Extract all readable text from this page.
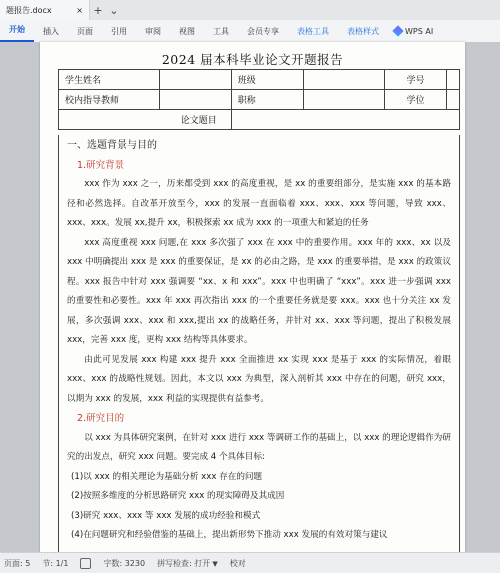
题报告.docx	× + ⌄
开始	插入	页面	引用	审阅	视图	工具	会员专享	表格工具	表格样式	WPS AI
2024 届本科毕业论文开题报告
学生姓名		班级		学号	
校内指导教师		职称		学位	
论文题目					
一、选题背景与目的
1.研究背景

xxx 作为 xxx 之一，历来都受到 xxx 的高度重视，是 xx 的重要组部分，是实施 xxx 的基本路径和必然选择。自改革开放至今，xxx 的发展一直面临着 xxx、xxx、xxx 等问题，导致 xxx、xxx、xxx。发展 xx,提升 xx，积极探索 xx 成为 xxx 的一项重大和紧迫的任务

xxx 高度重视 xxx 问题,在 xxx 多次强了 xxx 在 xxx 中的重要作用。xxx 年的 xxx、xx 以及 xxx 中明确提出 xxx 是 xxx 的重要保证，是 xx 的必由之路，是 xxx 的重要举措，是 xxx 的政策议程。xxx 报告中针对 xxx 强调要 “xx、x 和 xxx”。xxx 中也明确了 “xxx”。xxx 进一步强调 xxx 的重要性和必要性。xxx 年 xxx 再次指出 xxx 的一个重要任务就是要 xxx。xxx 也十分关注 xx 发展，多次强调 xxx、xxx 和 xxx,提出 xx 的战略任务，并针对 xx、xxx 等问题，提出了积极发展 xxx，完善 xxx 度，更构 xxx 结构等具体要求。

由此可见发展 xxx 构建 xxx 提升 xxx 全面推进 xx 实现 xxx 是基于 xxx 的实际情况，着眼 xxx、xxx 的战略性规划。因此，本文以 xxx 为典型，深入剖析其 xxx 中存在的问题，研究 xxx，以期为 xxx 的发展，xxx 利益的实现提供有益参考。

2.研究目的

以 xxx 为具体研究案例，在针对 xxx 进行 xxx 等调研工作的基础上，以 xxx 的理论逻辑作为研究的出发点，研究 xxx 问题。要完成 4 个具体目标:

(1)以 xxx 的相关理论为基础分析 xxx 存在的问题

(2)按照多维度的分析思路研究 xxx 的现实障碍及其成因

(3)研究 xxx、xxx 等 xxx 发展的成功经验和模式

(4)在问题研究和经验借鉴的基础上，提出新形势下推动 xxx 发展的有效对策与建议

页面: 5 节: 1/1	字数: 3230 拼写检查: 打开 ▼ 校对
